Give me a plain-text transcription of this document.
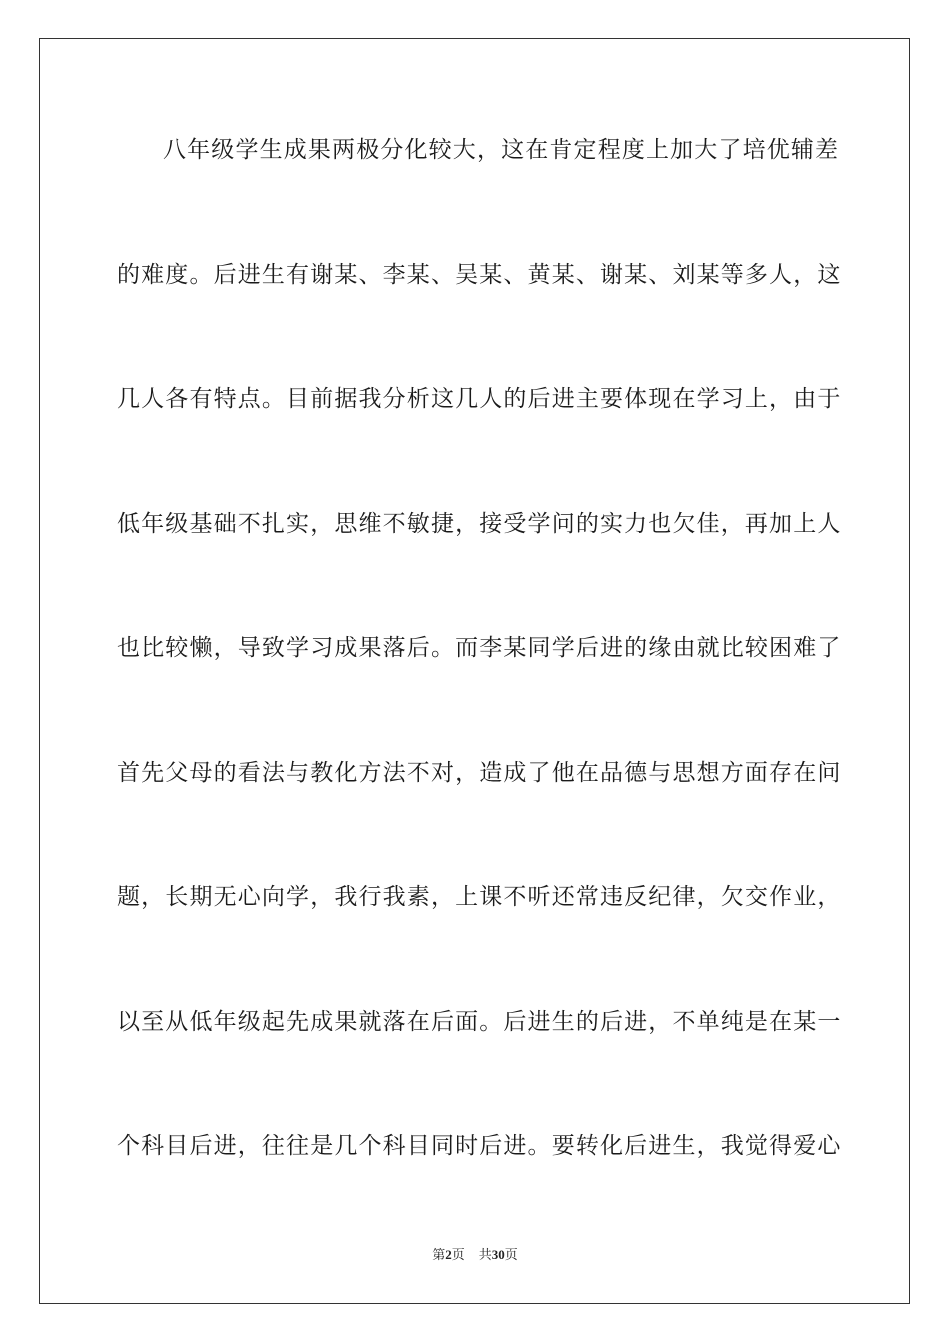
八年级学生成果两极分化较大，这在肯定程度上加大了培优辅差
的难度。后进生有谢某、李某、吴某、黄某、谢某、刘某等多人，这
几人各有特点。目前据我分析这几人的后进主要体现在学习上，由于
低年级基础不扎实，思维不敏捷，接受学问的实力也欠佳，再加上人
也比较懒，导致学习成果落后。而李某同学后进的缘由就比较困难了
首先父母的看法与教化方法不对，造成了他在品德与思想方面存在问
题，长期无心向学，我行我素，上课不听还常违反纪律，欠交作业，
以至从低年级起先成果就落在后面。后进生的后进，不单纯是在某一
个科目后进，往往是几个科目同时后进。要转化后进生，我觉得爱心
第2页 共30页
